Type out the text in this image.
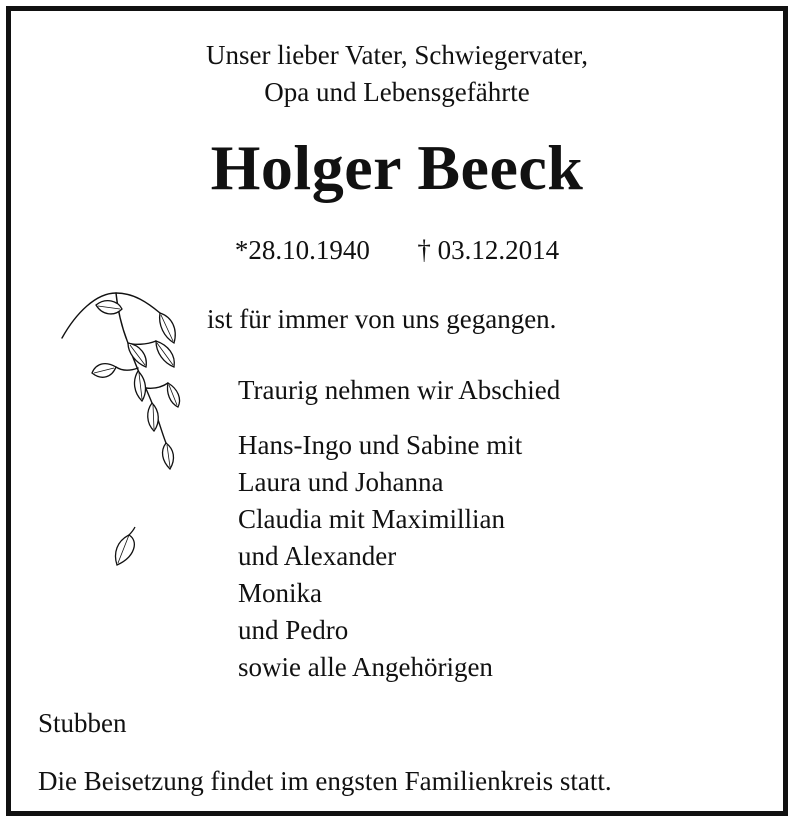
Unser lieber Vater, Schwiegervater,
Opa und Lebensgefährte
Holger Beeck
*28.10.1940 † 03.12.2014
ist für immer von uns gegangen.
Traurig nehmen wir Abschied
Hans-Ingo und Sabine mit
Laura und Johanna
Claudia mit Maximillian
und Alexander
Monika
und Pedro
sowie alle Angehörigen
Stubben
Die Beisetzung findet im engsten Familienkreis statt.
